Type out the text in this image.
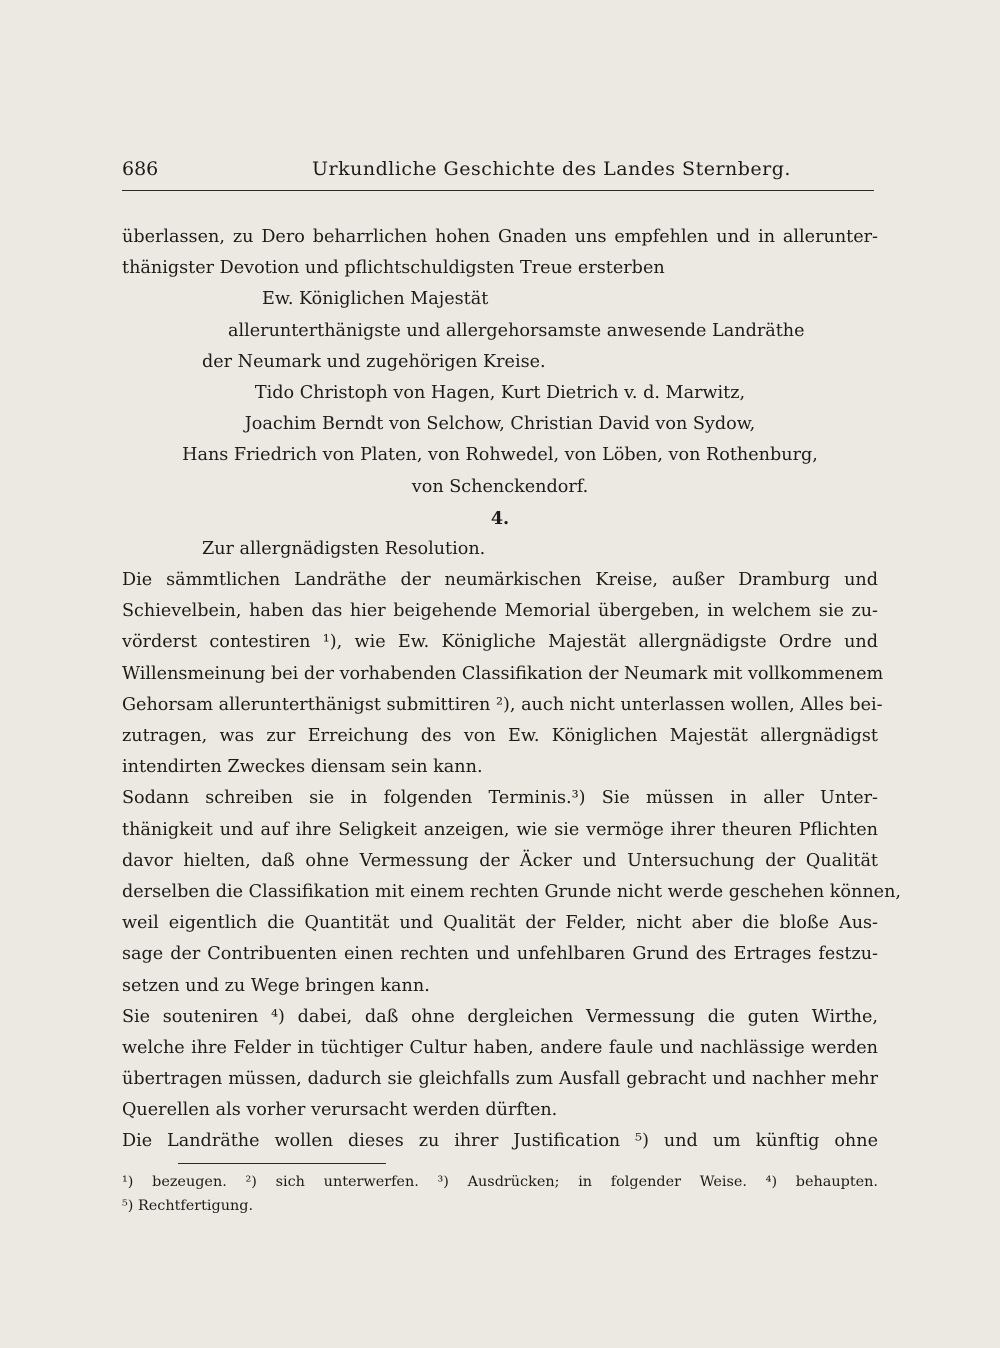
686	Urkundliche Geschichte des Landes Sternberg.
überlassen, zu Dero beharrlichen hohen Gnaden uns empfehlen und in allerunter-
thänigster Devotion und pflichtschuldigsten Treue ersterben
Ew. Königlichen Majestät
allerunterthänigste und allergehorsamste anwesende Landräthe
der Neumark und zugehörigen Kreise.
Tido Christoph von Hagen, Kurt Dietrich v. d. Marwitz,
Joachim Berndt von Selchow, Christian David von Sydow,
Hans Friedrich von Platen, von Rohwedel, von Löben, von Rothenburg,
von Schenckendorf.
4.
Zur allergnädigsten Resolution.
Die sämmtlichen Landräthe der neumärkischen Kreise, außer Dramburg und
Schievelbein, haben das hier beigehende Memorial übergeben, in welchem sie zu-
vörderst contestiren ¹), wie Ew. Königliche Majestät allergnädigste Ordre und
Willensmeinung bei der vorhabenden Classifikation der Neumark mit vollkommenem
Gehorsam allerunterthänigst submittiren ²), auch nicht unterlassen wollen, Alles bei-
zutragen, was zur Erreichung des von Ew. Königlichen Majestät allergnädigst
intendirten Zweckes diensam sein kann.
Sodann schreiben sie in folgenden Terminis.³) Sie müssen in aller Unter-
thänigkeit und auf ihre Seligkeit anzeigen, wie sie vermöge ihrer theuren Pflichten
davor hielten, daß ohne Vermessung der Äcker und Untersuchung der Qualität
derselben die Classifikation mit einem rechten Grunde nicht werde geschehen können,
weil eigentlich die Quantität und Qualität der Felder, nicht aber die bloße Aus-
sage der Contribuenten einen rechten und unfehlbaren Grund des Ertrages festzu-
setzen und zu Wege bringen kann.
Sie souteniren ⁴) dabei, daß ohne dergleichen Vermessung die guten Wirthe,
welche ihre Felder in tüchtiger Cultur haben, andere faule und nachlässige werden
übertragen müssen, dadurch sie gleichfalls zum Ausfall gebracht und nachher mehr
Querellen als vorher verursacht werden dürften.
Die Landräthe wollen dieses zu ihrer Justification ⁵) und um künftig ohne
¹) bezeugen. ²) sich unterwerfen. ³) Ausdrücken; in folgender Weise. ⁴) behaupten.
⁵) Rechtfertigung.
